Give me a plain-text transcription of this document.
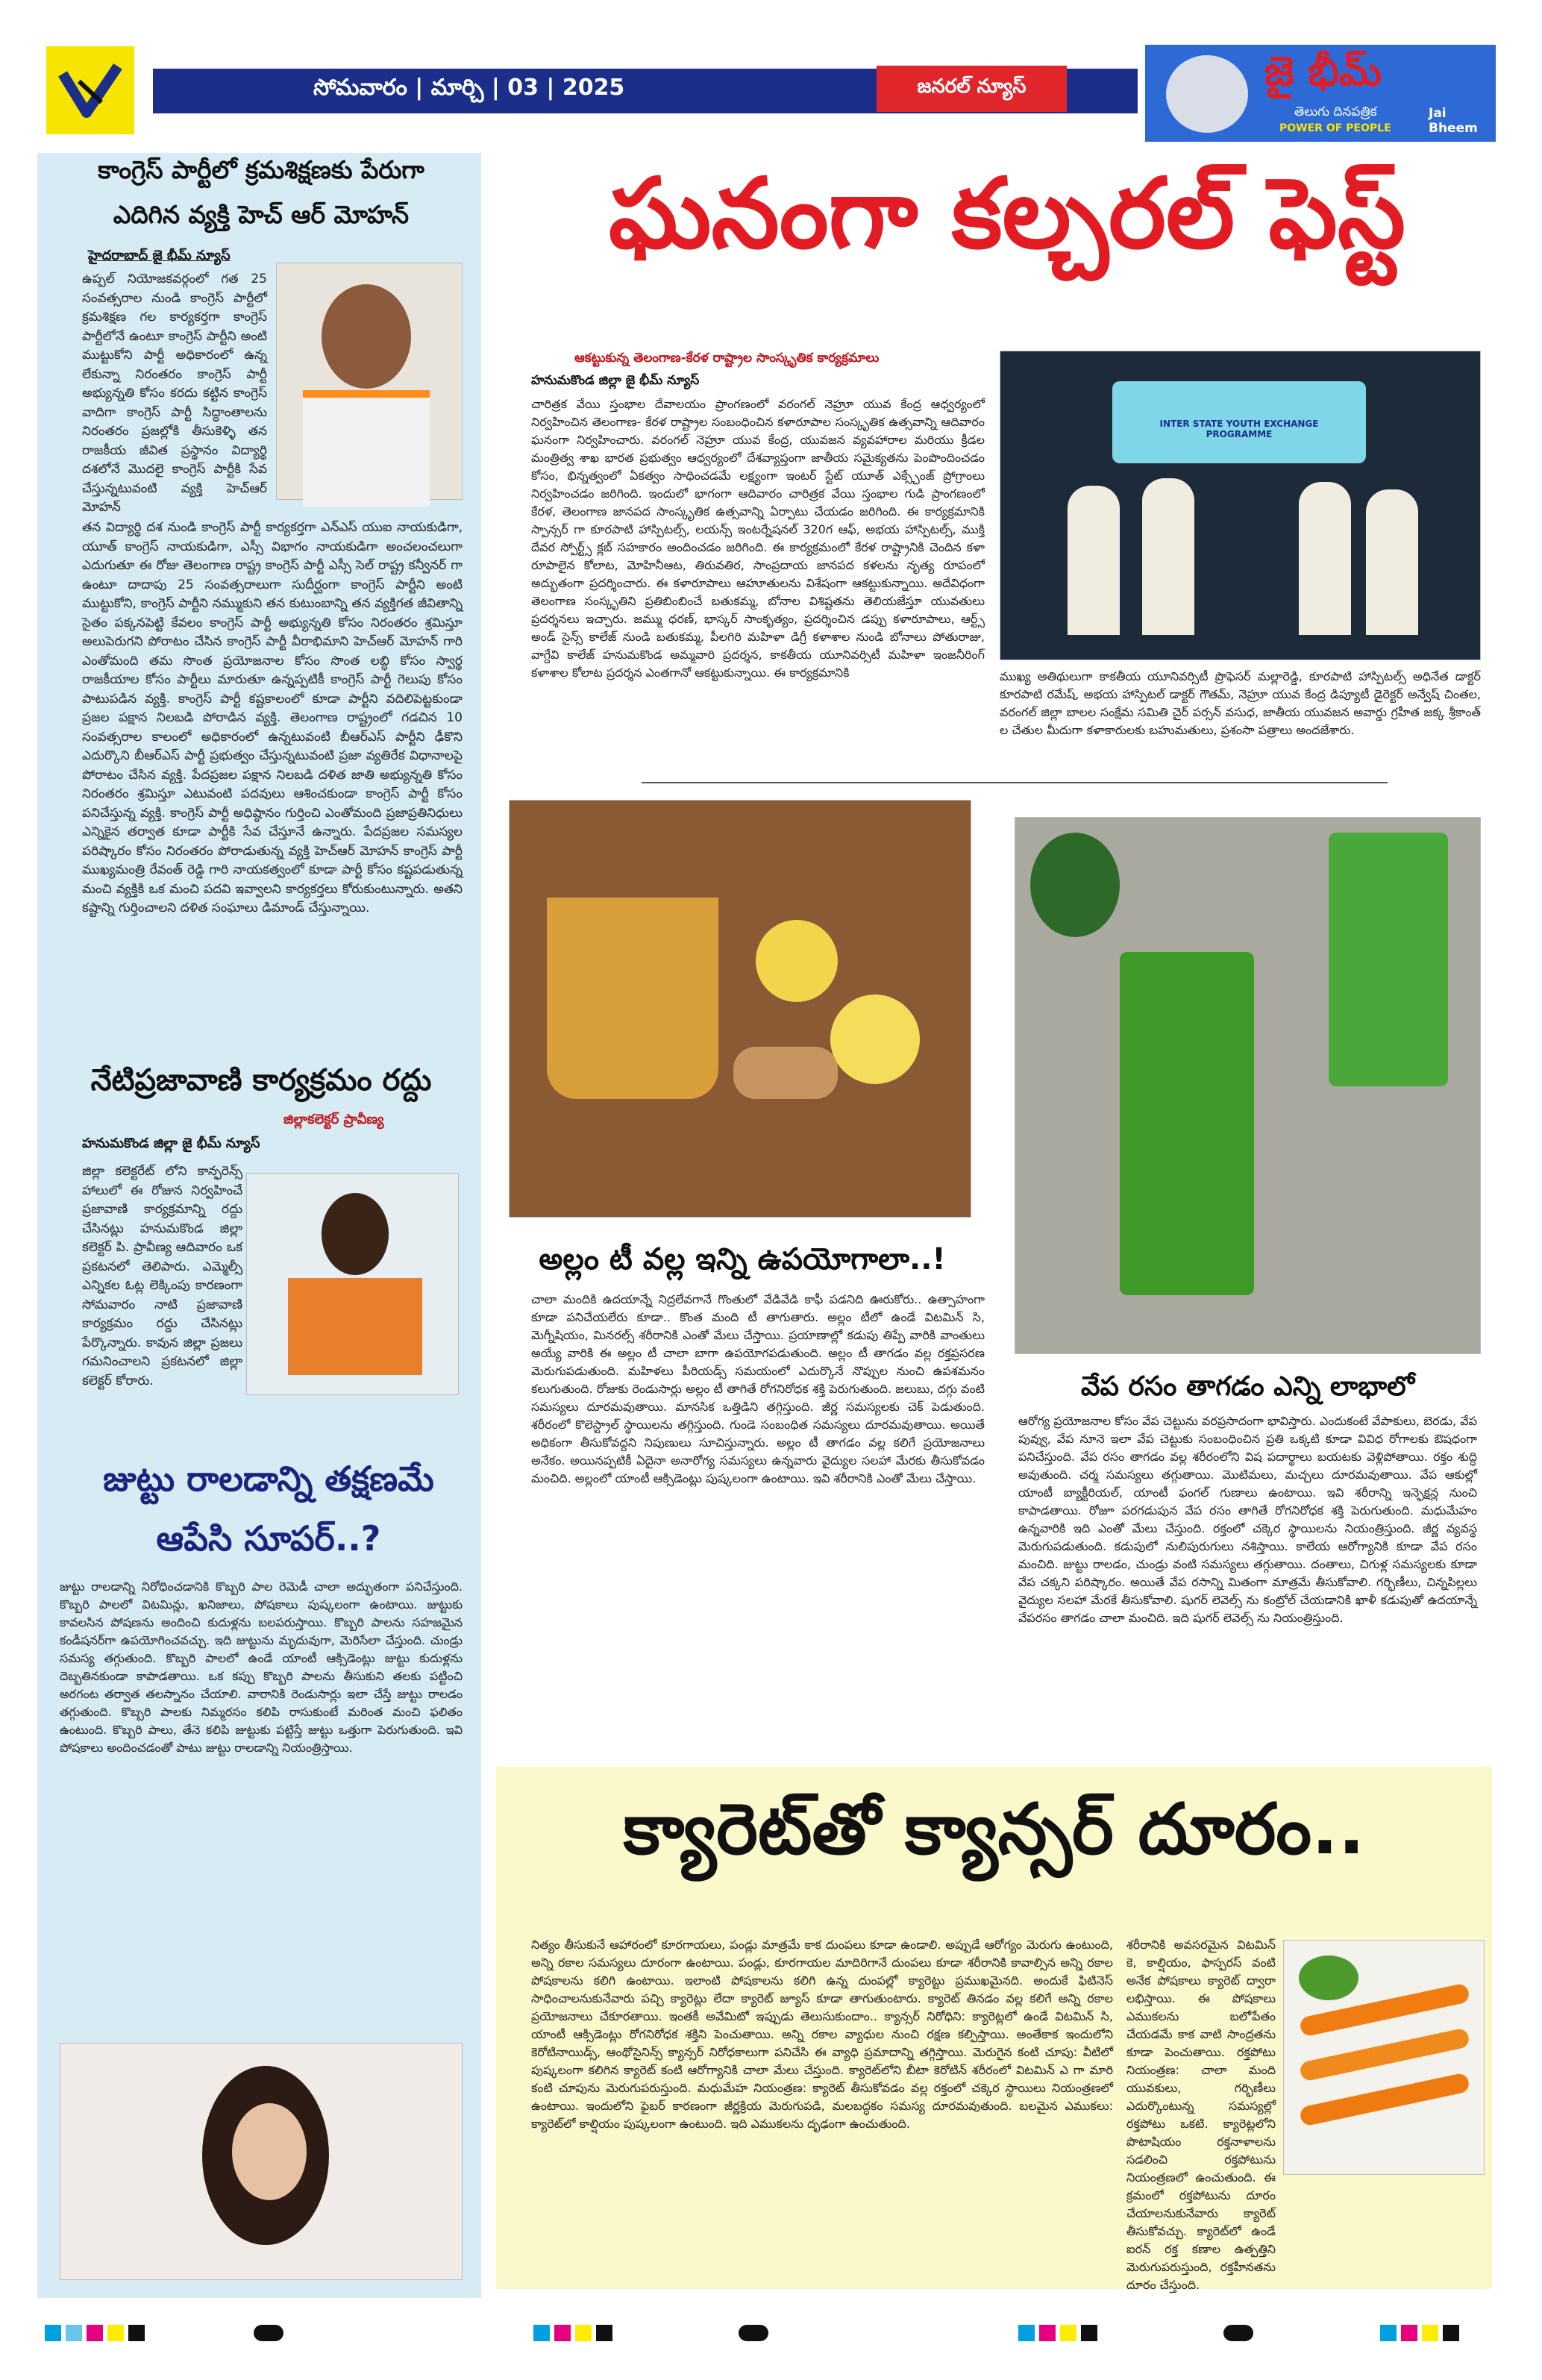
సోమవారం | మార్చి | 03 | 2025	జనరల్ న్యూస్	జై భీమ్
తెలుగు దినపత్రిక
POWER OF PEOPLE
Jai Bheem
కాంగ్రెస్ పార్టీలో క్రమశిక్షణకు పేరుగా
ఎదిగిన వ్యక్తి హెచ్ ఆర్ మోహన్
హైదరాబాద్ జై భీమ్ న్యూస్
ఉప్పల్ నియోజకవర్గంలో గత 25 సంవత్సరాల నుండి కాంగ్రెస్ పార్టీలో క్రమశిక్షణ గల కార్యకర్తగా కాంగ్రెస్ పార్టీలోనే ఉంటూ కాంగ్రెస్ పార్టీని అంటి ముట్టుకోని పార్టీ అధికారంలో ఉన్న లేకున్నా నిరంతరం కాంగ్రెస్ పార్టీ అభ్యున్నతి కోసం కరదు కట్టిన కాంగ్రెస్ వాదిగా కాంగ్రెస్ పార్టీ సిద్ధాంతాలను నిరంతరం ప్రజల్లోకి తీసుకెళ్ళి తన రాజకీయ జీవిత ప్రస్థానం విద్యార్థి దశలోనే మొదలై కాంగ్రెస్ పార్టీకి సేవ చేస్తున్నటువంటి వ్యక్తి హెచ్ఆర్ మోహన్
తన విద్యార్థి దశ నుండి కాంగ్రెస్ పార్టీ కార్యకర్తగా ఎన్ఎస్ యుఐ నాయకుడిగా, యూత్ కాంగ్రెస్ నాయకుడిగా, ఎస్సీ విభాగం నాయకుడిగా అంచలంచలుగా ఎదుగుతూ ఈ రోజు తెలంగాణ రాష్ట్ర కాంగ్రెస్ పార్టీ ఎస్సీ సెల్ రాష్ట్ర కన్వీనర్ గా ఉంటూ దాదాపు 25 సంవత్సరాలుగా సుదీర్ఘంగా కాంగ్రెస్ పార్టీని అంటి ముట్టుకోని, కాంగ్రెస్ పార్టీని నమ్ముకుని తన కుటుంబాన్ని తన వ్యక్తిగత జీవితాన్ని సైతం పక్కనపెట్టి కేవలం కాంగ్రెస్ పార్టీ అభ్యున్నతి కోసం నిరంతరం శ్రమిస్తూ అలుపెరుగని పోరాటం చేసిన కాంగ్రెస్ పార్టీ వీరాభిమాని హెచ్ఆర్ మోహన్ గారి ఎంతోమంది తమ సొంత ప్రయోజనాల కోసం సొంత లబ్ధి కోసం స్వార్థ రాజకీయాల కోసం పార్టీలు మారుతూ ఉన్నప్పటికీ కాంగ్రెస్ పార్టీ గెలుపు కోసం పాటుపడిన వ్యక్తి. కాంగ్రెస్ పార్టీ కష్టకాలంలో కూడా పార్టీని వదిలిపెట్టకుండా ప్రజల పక్షాన నిలబడి పోరాడిన వ్యక్తి. తెలంగాణ రాష్ట్రంలో గడచిన 10 సంవత్సరాల కాలంలో అధికారంలో ఉన్నటువంటి బీఆర్ఎస్ పార్టీని ఢీకొని ఎదుర్కొని బీఆర్ఎస్ పార్టీ ప్రభుత్వం చేస్తున్నటువంటి ప్రజా వ్యతిరేక విధానాలపై పోరాటం చేసిన వ్యక్తి. పేదప్రజల పక్షాన నిలబడి దళిత జాతి అభ్యున్నతి కోసం నిరంతరం శ్రమిస్తూ ఎటువంటి పదవులు ఆశించకుండా కాంగ్రెస్ పార్టీ కోసం పనిచేస్తున్న వ్యక్తి. కాంగ్రెస్ పార్టీ అధిష్ఠానం గుర్తించి ఎంతోమంది ప్రజాప్రతినిధులు ఎన్నికైన తర్వాత కూడా పార్టీకి సేవ చేస్తూనే ఉన్నారు. పేదప్రజల సమస్యల పరిష్కారం కోసం నిరంతరం పోరాడుతున్న వ్యక్తి హెచ్ఆర్ మోహన్ కాంగ్రెస్ పార్టీ ముఖ్యమంత్రి రేవంత్ రెడ్డి గారి నాయకత్వంలో కూడా పార్టీ కోసం కష్టపడుతున్న మంచి వ్యక్తికి ఒక మంచి పదవి ఇవ్వాలని కార్యకర్తలు కోరుకుంటున్నారు. అతని కష్టాన్ని గుర్తించాలని దళిత సంఘాలు డిమాండ్ చేస్తున్నాయి.
నేటిప్రజావాణి కార్యక్రమం రద్దు
జిల్లాకలెక్టర్ ప్రావీణ్య
హనుమకొండ జిల్లా జై భీమ్ న్యూస్
జిల్లా కలెక్టరేట్ లోని కాన్ఫరెన్స్ హాలులో ఈ రోజున నిర్వహించే ప్రజావాణి కార్యక్రమాన్ని రద్దు చేసినట్లు హనుమకొండ జిల్లా కలెక్టర్ పి. ప్రావీణ్య ఆదివారం ఒక ప్రకటనలో తెలిపారు. ఎమ్మెల్సీ ఎన్నికల ఓట్ల లెక్కింపు కారణంగా సోమవారం నాటి ప్రజావాణి కార్యక్రమం రద్దు చేసినట్లు పేర్కొన్నారు. కావున జిల్లా ప్రజలు గమనించాలని ప్రకటనలో జిల్లా కలెక్టర్ కోరారు.
జుట్టు రాలడాన్ని తక్షణమే
ఆపేసి సూపర్..?
జుట్టు రాలడాన్ని నిరోధించడానికి కొబ్బరి పాల రెమెడీ చాలా అద్భుతంగా పనిచేస్తుంది. కొబ్బరి పాలలో విటమిన్లు, ఖనిజాలు, పోషకాలు పుష్కలంగా ఉంటాయి. జుట్టుకు కావలసిన పోషణను అందించి కుదుళ్లను బలపరుస్తాయి. కొబ్బరి పాలను సహజమైన కండీషనర్‌గా ఉపయోగించవచ్చు. ఇది జుట్టును మృదువుగా, మెరిసేలా చేస్తుంది. చుండ్రు సమస్య తగ్గుతుంది. కొబ్బరి పాలలో ఉండే యాంటీ ఆక్సిడెంట్లు జుట్టు కుదుళ్లను దెబ్బతినకుండా కాపాడతాయి. ఒక కప్పు కొబ్బరి పాలను తీసుకుని తలకు పట్టించి అరగంట తర్వాత తలస్నానం చేయాలి. వారానికి రెండుసార్లు ఇలా చేస్తే జుట్టు రాలడం తగ్గుతుంది. కొబ్బరి పాలకు నిమ్మరసం కలిపి రాసుకుంటే మరింత మంచి ఫలితం ఉంటుంది. కొబ్బరి పాలు, తేనె కలిపి జుట్టుకు పట్టిస్తే జుట్టు ఒత్తుగా పెరుగుతుంది. ఇవి పోషకాలు అందించడంతో పాటు జుట్టు రాలడాన్ని నియంత్రిస్తాయి.
ఘనంగా కల్చరల్ ఫెస్ట్
ఆకట్టుకున్న తెలంగాణ-కేరళ రాష్ట్రాల సాంస్కృతిక కార్యక్రమాలు
హనుమకొండ జిల్లా జై భీమ్ న్యూస్
చారిత్రక వేయి స్తంభాల దేవాలయం ప్రాంగణంలో వరంగల్ నెహ్రూ యువ కేంద్ర ఆధ్వర్యంలో నిర్వహించిన తెలంగాణ- కేరళ రాష్ట్రాల సంబంధించిన కళారూపాల సంస్కృతిక ఉత్సవాన్ని ఆదివారం ఘనంగా నిర్వహించారు. వరంగల్ నెహ్రూ యువ కేంద్ర, యువజన వ్యవహారాల మరియు క్రీడల మంత్రిత్వ శాఖ భారత ప్రభుత్వం ఆధ్వర్యంలో దేశవ్యాప్తంగా జాతీయ సమైక్యతను పెంపొందించడం కోసం, భిన్నత్వంలో ఏకత్వం సాధించడమే లక్ష్యంగా ఇంటర్ స్టేట్ యూత్ ఎక్స్చేంజ్ ప్రోగ్రాంలు నిర్వహించడం జరిగింది. ఇందులో భాగంగా ఆదివారం చారిత్రక వేయి స్తంభాల గుడి ప్రాంగణంలో కేరళ, తెలంగాణ జానపద సాంస్కృతిక ఉత్సవాన్ని ఏర్పాటు చేయడం జరిగింది. ఈ కార్యక్రమానికి స్పాన్సర్ గా కూరపాటి హాస్పిటల్స్, లయన్స్ ఇంటర్నేషనల్ 320గ ఆఫ్, అభయ హాస్పిటల్స్, ముక్తి దేవర స్పోర్ట్స్ క్లబ్ సహకారం అందించడం జరిగింది. ఈ కార్యక్రమంలో కేరళ రాష్ట్రానికి చెందిన కళా రూపాలైన కోలాట, మోహినీఆట, తిరువతిర, సాంప్రదాయ జానపద కళలను నృత్య రూపంలో అద్భుతంగా ప్రదర్శించారు. ఈ కళారూపాలు ఆహూతులను విశేషంగా ఆకట్టుకున్నాయి. అదేవిధంగా తెలంగాణ సంస్కృతిని ప్రతిబింబించే బతుకమ్మ, బోనాల విశిష్టతను తెలియజేస్తూ యువతులు ప్రదర్శనలు ఇచ్చారు. జమ్ము ధరణ్, భాస్కర్ సాంకృత్యం, ప్రదర్శించిన డప్పు కళారూపాలు, ఆర్ట్స్ అండ్ సైన్స్ కాలేజ్ నుండి బతుకమ్మ, పీలగిరి మహిళా డిగ్రీ కళాశాల నుండి బోనాలు పోతురాజు, వాగ్దేవి కాలేజ్ హనుమకొండ అమ్మవారి ప్రదర్శన, కాకతీయ యూనివర్సిటీ మహిళా ఇంజనీరింగ్ కళాశాల కోలాట ప్రదర్శన ఎంతగానో ఆకట్టుకున్నాయి. ఈ కార్యక్రమానికి
INTER STATE YOUTH EXCHANGE PROGRAMME
ముఖ్య అతిథులుగా కాకతీయ యూనివర్సిటీ ప్రొఫెసర్ మల్లారెడ్డి, కూరపాటి హాస్పిటల్స్ అధినేత డాక్టర్ కూరపాటి రమేష్, అభయ హాస్పిటల్ డాక్టర్ గౌతమ్, నెహ్రూ యువ కేంద్ర డిప్యూటీ డైరెక్టర్ అన్వేష్ చింతల, వరంగల్ జిల్లా బాలల సంక్షేమ సమితి చైర్ పర్సన్ వసుధ, జాతీయ యువజన అవార్డు గ్రహీత జక్క శ్రీకాంత్ ల చేతుల మీదుగా కళాకారులకు బహుమతులు, ప్రశంసా పత్రాలు అందజేశారు.
అల్లం టీ వల్ల ఇన్ని ఉపయోగాలా..!
చాలా మందికి ఉదయాన్నే నిద్రలేవగానే గొంతులో వేడివేడి కాఫీ పడనిది ఊరుకోరు.. ఉత్సాహంగా కూడా పనిచేయలేరు కూడా.. కొంత మంది టీ తాగుతారు. అల్లం టీలో ఉండే విటమిన్ సి, మెగ్నీషియం, మినరల్స్ శరీరానికి ఎంతో మేలు చేస్తాయి. ప్రయాణాల్లో కడుపు తిప్పే వారికి వాంతులు అయ్యే వారికి ఈ అల్లం టీ చాలా బాగా ఉపయోగపడుతుంది. అల్లం టీ తాగడం వల్ల రక్తప్రసరణ మెరుగుపడుతుంది. మహిళలు పీరియడ్స్ సమయంలో ఎదుర్కొనే నొప్పుల నుంచి ఉపశమనం కలుగుతుంది. రోజుకు రెండుసార్లు అల్లం టీ తాగితే రోగనిరోధక శక్తి పెరుగుతుంది. జలుబు, దగ్గు వంటి సమస్యలు దూరమవుతాయి. మానసిక ఒత్తిడిని తగ్గిస్తుంది. జీర్ణ సమస్యలకు చెక్ పెడుతుంది. శరీరంలో కొలెస్ట్రాల్ స్థాయిలను తగ్గిస్తుంది. గుండె సంబంధిత సమస్యలు దూరమవుతాయి. అయితే అధికంగా తీసుకోవద్దని నిపుణులు సూచిస్తున్నారు. అల్లం టీ తాగడం వల్ల కలిగే ప్రయోజనాలు అనేకం. అయినప్పటికీ ఏదైనా అనారోగ్య సమస్యలు ఉన్నవారు వైద్యుల సలహా మేరకు తీసుకోవడం మంచిది. అల్లంలో యాంటీ ఆక్సిడెంట్లు పుష్కలంగా ఉంటాయి. ఇవి శరీరానికి ఎంతో మేలు చేస్తాయి.
వేప రసం తాగడం ఎన్ని లాభాలో
ఆరోగ్య ప్రయోజనాల కోసం వేప చెట్టును వరప్రసాదంగా భావిస్తారు. ఎందుకంటే వేపాకులు, బెరడు, వేప పువ్వు, వేప నూనె ఇలా వేప చెట్టుకు సంబంధించిన ప్రతి ఒక్కటి కూడా వివిధ రోగాలకు ఔషధంగా పనిచేస్తుంది. వేప రసం తాగడం వల్ల శరీరంలోని విష పదార్థాలు బయటకు వెళ్లిపోతాయి. రక్తం శుద్ధి అవుతుంది. చర్మ సమస్యలు తగ్గుతాయి. మొటిమలు, మచ్చలు దూరమవుతాయి. వేప ఆకుల్లో యాంటీ బ్యాక్టీరియల్, యాంటీ ఫంగల్ గుణాలు ఉంటాయి. ఇవి శరీరాన్ని ఇన్ఫెక్షన్ల నుంచి కాపాడతాయి. రోజూ పరగడుపున వేప రసం తాగితే రోగనిరోధక శక్తి పెరుగుతుంది. మధుమేహం ఉన్నవారికి ఇది ఎంతో మేలు చేస్తుంది. రక్తంలో చక్కెర స్థాయిలను నియంత్రిస్తుంది. జీర్ణ వ్యవస్థ మెరుగుపడుతుంది. కడుపులో నులిపురుగులు నశిస్తాయి. కాలేయ ఆరోగ్యానికి కూడా వేప రసం మంచిది. జుట్టు రాలడం, చుండ్రు వంటి సమస్యలు తగ్గుతాయి. దంతాలు, చిగుళ్ల సమస్యలకు కూడా వేప చక్కని పరిష్కారం. అయితే వేప రసాన్ని మితంగా మాత్రమే తీసుకోవాలి. గర్భిణీలు, చిన్నపిల్లలు వైద్యుల సలహా మేరకే తీసుకోవాలి. షుగర్ లెవెల్స్ ను కంట్రోల్ చేయడానికి ఖాళీ కడుపుతో ఉదయాన్నే వేపరసం తాగడం చాలా మంచిది. ఇది షుగర్ లెవెల్స్ ను నియంత్రిస్తుంది.
క్యారెట్‌తో క్యాన్సర్ దూరం..
నిత్యం తీసుకునే ఆహారంలో కూరగాయలు, పండ్లు మాత్రమే కాక దుంపలు కూడా ఉండాలి. అప్పుడే ఆరోగ్యం మెరుగు ఉంటుంది, అన్ని రకాల సమస్యలు దూరంగా ఉంటాయి. పండ్లు, కూరగాయల మాదిరిగానే దుంపలు కూడా శరీరానికి కావాల్సిన అన్ని రకాల పోషకాలను కలిగి ఉంటాయి. ఇలాంటి పోషకాలను కలిగి ఉన్న దుంపల్లో క్యారెట్టు ప్రముఖమైనది. అందుకే ఫిటినెస్ సాధించాలనుకునేవారు పచ్చి క్యారెట్లు లేదా క్యారెట్ జ్యూస్ కూడా తాగుతుంటారు. క్యారెట్ తినడం వల్ల కలిగే అన్ని రకాల ప్రయోజనాలు చేకూరతాయి. ఇంతకీ అవేమిటో ఇప్పుడు తెలుసుకుందాం.. క్యాన్సర్ నిరోధిని: క్యారెట్లలో ఉండే విటమిన్ సి, యాంటీ ఆక్సిడెంట్లు రోగనిరోధక శక్తిని పెంచుతాయి. అన్ని రకాల వ్యాధుల నుంచి రక్షణ కల్పిస్తాయి. అంతేకాక ఇందులోని కెరోటినాయిడ్స్, ఆంథోసైనిన్స్ క్యాన్సర్ నిరోధకాలుగా పనిచేసి ఈ వ్యాధి ప్రమాదాన్ని తగ్గిస్తాయి. మెరుగైన కంటి చూపు: వీటిలో పుష్కలంగా కలిగిన క్యారెట్ కంటి ఆరోగ్యానికి చాలా మేలు చేస్తుంది. క్యారెట్‌లోని బీటా కెరోటిన్ శరీరంలో విటమిన్ ఎ గా మారి కంటి చూపును మెరుగుపరుస్తుంది. మధుమేహ నియంత్రణ: క్యారెట్ తీసుకోవడం వల్ల రక్తంలో చక్కెర స్థాయిలు నియంత్రణలో ఉంటాయి. ఇందులోని ఫైబర్ కారణంగా జీర్ణక్రియ మెరుగుపడి, మలబద్ధకం సమస్య దూరమవుతుంది. బలమైన ఎముకలు: క్యారెట్‌లో కాల్షియం పుష్కలంగా ఉంటుంది. ఇది ఎముకలను దృఢంగా ఉంచుతుంది.
శరీరానికి అవసరమైన విటమిన్ కె, కాల్షియం, ఫాస్పరస్ వంటి అనేక పోషకాలు క్యారెట్ ద్వారా లభిస్తాయి. ఈ పోషకాలు ఎముకలను బలోపేతం చేయడమే కాక వాటి సాంద్రతను కూడా పెంచుతాయి. రక్తపోటు నియంత్రణ: చాలా మంది యువకులు, గర్భిణీలు ఎదుర్కొంటున్న సమస్యల్లో రక్తపోటు ఒకటి. క్యారెట్లలోని పొటాషియం రక్తనాళాలను సడలించి రక్తపోటును నియంత్రణలో ఉంచుతుంది. ఈ క్రమంలో రక్తపోటును దూరం చేయాలనుకునేవారు క్యారెట్ తీసుకోవచ్చు. క్యారెట్‌లో ఉండే ఐరన్ రక్త కణాల ఉత్పత్తిని మెరుగుపరుస్తుంది, రక్తహీనతను దూరం చేస్తుంది.
